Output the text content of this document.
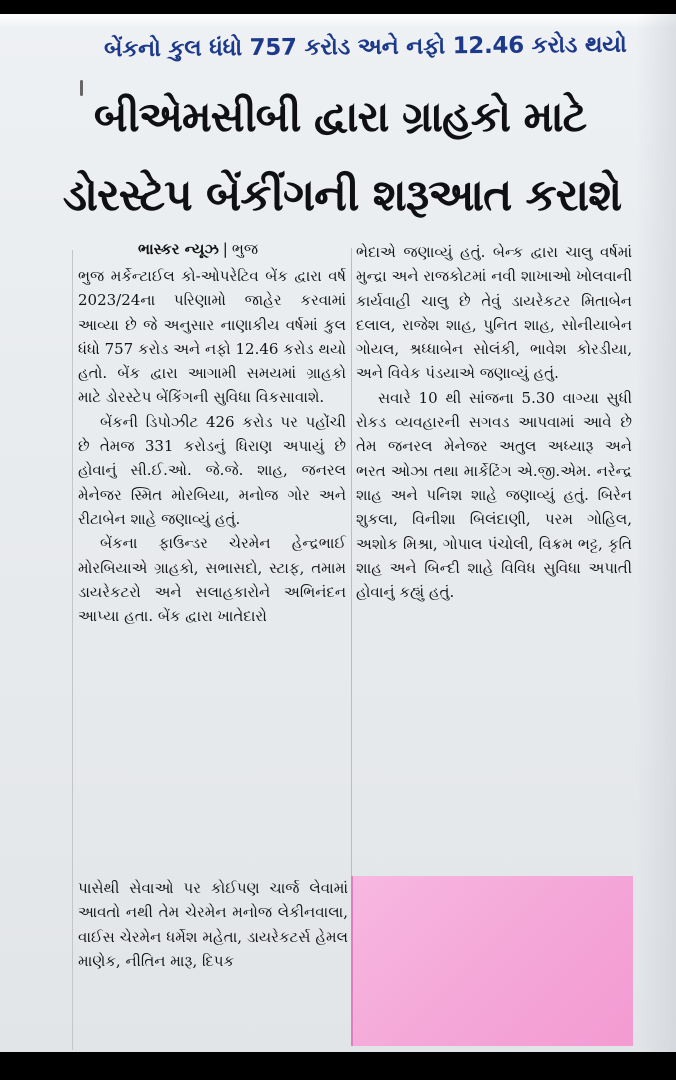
બેંકનો કુલ ધંધો 757 કરોડ અને નફો 12.46 કરોડ થયો
બીએમસીબી દ્વારા ગ્રાહકો માટે
ડોરસ્ટેપ બેંકીંગની શરૂઆત કરાશે
ભાસ્કર ન્યૂઝ | ભુજ

ભુજ મર્કેન્ટાઈલ કો-ઓપરેટિવ બેંક દ્વારા વર્ષ 2023/24ના પરિણામો જાહેર કરવામાં આવ્યા છે જે અનુસાર નાણાકીય વર્ષમાં કુલ ધંધો 757 કરોડ અને નફો 12.46 કરોડ થયો હતો. બેંક દ્વારા આગામી સમયમાં ગ્રાહકો માટે ડોરસ્ટેપ બેંકિંગની સુવિધા વિકસાવાશે.

બેંકની ડિપોઝીટ 426 કરોડ પર પહોંચી છે તેમજ 331 કરોડનું ધિરાણ અપાયું છે હોવાનું સી.ઈ.ઓ. જે.જે. શાહ, જનરલ મેનેજર સ્મિત મોરબિયા, મનોજ ગોર અને રીટાબેન શાહે જણાવ્યું હતું.

બેંકના ફાઉન્ડર ચેરમેન હેન્દ્રભાઈ મોરબિયાએ ગ્રાહકો, સભાસદો, સ્ટાફ, તમામ ડાયરેકટરો અને સલાહકારોને અભિનંદન આપ્યા હતા. બેંક દ્વારા ખાતેદારો

ભેદાએ જણાવ્યું હતું. બેન્ક દ્વારા ચાલુ વર્ષમાં મુન્દ્રા અને રાજકોટમાં નવી શાખાઓ ખોલવાની કાર્યવાહી ચાલુ છે તેવું ડાયરેકટર મિતાબેન દલાલ, રાજેશ શાહ, પુનિત શાહ, સોનીયાબેન ગોયલ, શ્રધ્ધાબેન સોલંકી, ભાવેશ કોરડીયા, અને વિવેક પંડયાએ જણાવ્યું હતું.

સવારે 10 થી સાંજના 5.30 વાગ્યા સુધી રોકડ વ્યવહારની સગવડ આપવામાં આવે છે તેમ જનરલ મેનેજર અતુલ અધ્યારૂ અને ભરત ઓઝા તથા માર્કેટિંગ એ.જી.એમ. નરેન્દ્ર શાહ અને પનિશ શાહે જણાવ્યું હતું. બિરેન શુકલા, વિનીશા બિલંદાણી, પરમ ગોહિલ, અશોક મિશ્રા, ગોપાલ પંચોલી, વિક્રમ ભટ્ટ, કૃતિ શાહ અને બિન્દી શાહે વિવિધ સુવિધા અપાતી હોવાનું કહ્યું હતું.

પાસેથી સેવાઓ પર કોઈપણ ચાર્જ લેવામાં આવતો નથી તેમ ચેરમેન મનોજ લેકીનવાલા, વાઈસ ચેરમેન ધર્મેશ મહેતા, ડાયરેકટર્સ હેમલ માણેક, નીતિન મારૂ, દિપક
